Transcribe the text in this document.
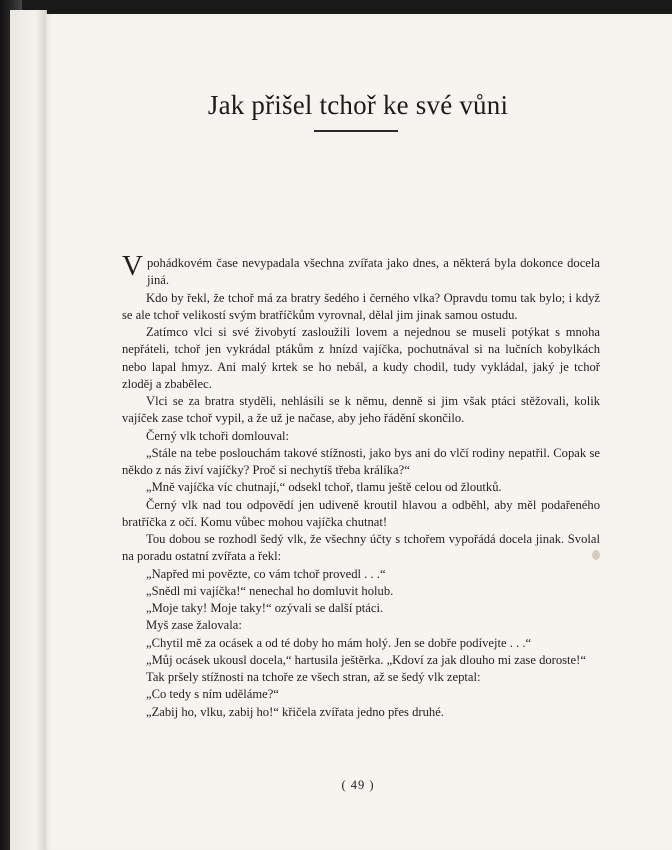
Jak přišel tchoř ke své vůni

V pohádkovém čase nevypadala všechna zvířata jako dnes, a některá byla dokonce docela jiná.

Kdo by řekl, že tchoř má za bratry šedého i černého vlka? Opravdu tomu tak bylo; i když se ale tchoř velikostí svým bratříčkům vyrovnal, dělal jim jinak samou ostudu.

Zatímco vlci si své živobytí zasloužili lovem a nejednou se museli potýkat s mnoha nepřáteli, tchoř jen vykrádal ptákům z hnízd vajíčka, pochutnával si na lučních kobylkách nebo lapal hmyz. Ani malý krtek se ho nebál, a kudy chodil, tudy vykládal, jaký je tchoř zloděj a zbabělec.

Vlci se za bratra styděli, nehlásili se k němu, denně si jim však ptáci stěžovali, kolik vajíček zase tchoř vypil, a že už je načase, aby jeho řádění skončilo.

Černý vlk tchoři domlouval:

„Stále na tebe poslouchám takové stížnosti, jako bys ani do vlčí rodiny nepatřil. Copak se někdo z nás živí vajíčky? Proč si nechytíš třeba králíka?“

„Mně vajíčka víc chutnají,“ odsekl tchoř, tlamu ještě celou od žloutků.

Černý vlk nad tou odpovědí jen udiveně kroutil hlavou a odběhl, aby měl podařeného bratříčka z očí. Komu vůbec mohou vajíčka chutnat!

Tou dobou se rozhodl šedý vlk, že všechny účty s tchořem vypořádá docela jinak. Svolal na poradu ostatní zvířata a řekl:

„Napřed mi povězte, co vám tchoř provedl . . .“

„Snědl mi vajíčka!“ nenechal ho domluvit holub.

„Moje taky! Moje taky!“ ozývali se další ptáci.

Myš zase žalovala:

„Chytil mě za ocásek a od té doby ho mám holý. Jen se dobře podívejte . . .“

„Můj ocásek ukousl docela,“ hartusila ještěrka. „Kdoví za jak dlouho mi zase doroste!“

Tak pršely stížnosti na tchoře ze všech stran, až se šedý vlk zeptal:

„Co tedy s ním uděláme?“

„Zabij ho, vlku, zabij ho!“ křičela zvířata jedno přes druhé.

( 49 )
